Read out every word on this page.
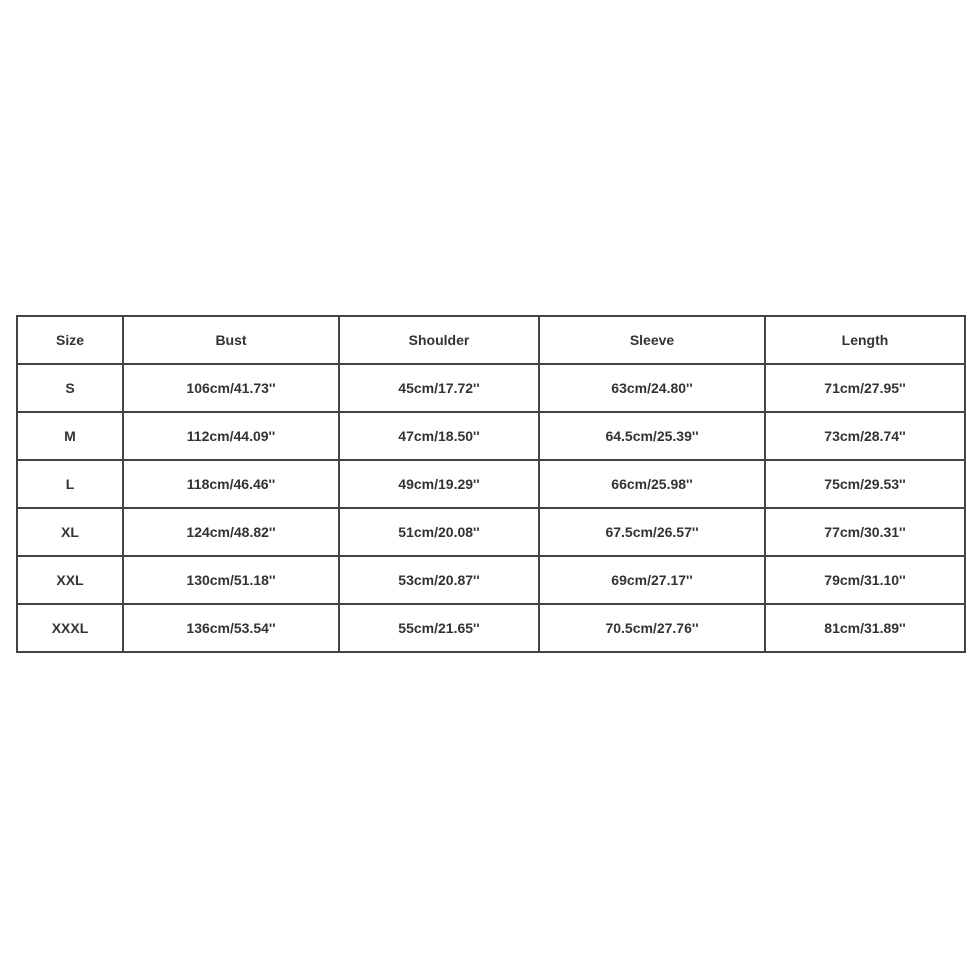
Size	Bust	Shoulder	Sleeve	Length
S	106cm/41.73''	45cm/17.72''	63cm/24.80''	71cm/27.95''
M	112cm/44.09''	47cm/18.50''	64.5cm/25.39''	73cm/28.74''
L	118cm/46.46''	49cm/19.29''	66cm/25.98''	75cm/29.53''
XL	124cm/48.82''	51cm/20.08''	67.5cm/26.57''	77cm/30.31''
XXL	130cm/51.18''	53cm/20.87''	69cm/27.17''	79cm/31.10''
XXXL	136cm/53.54''	55cm/21.65''	70.5cm/27.76''	81cm/31.89''
